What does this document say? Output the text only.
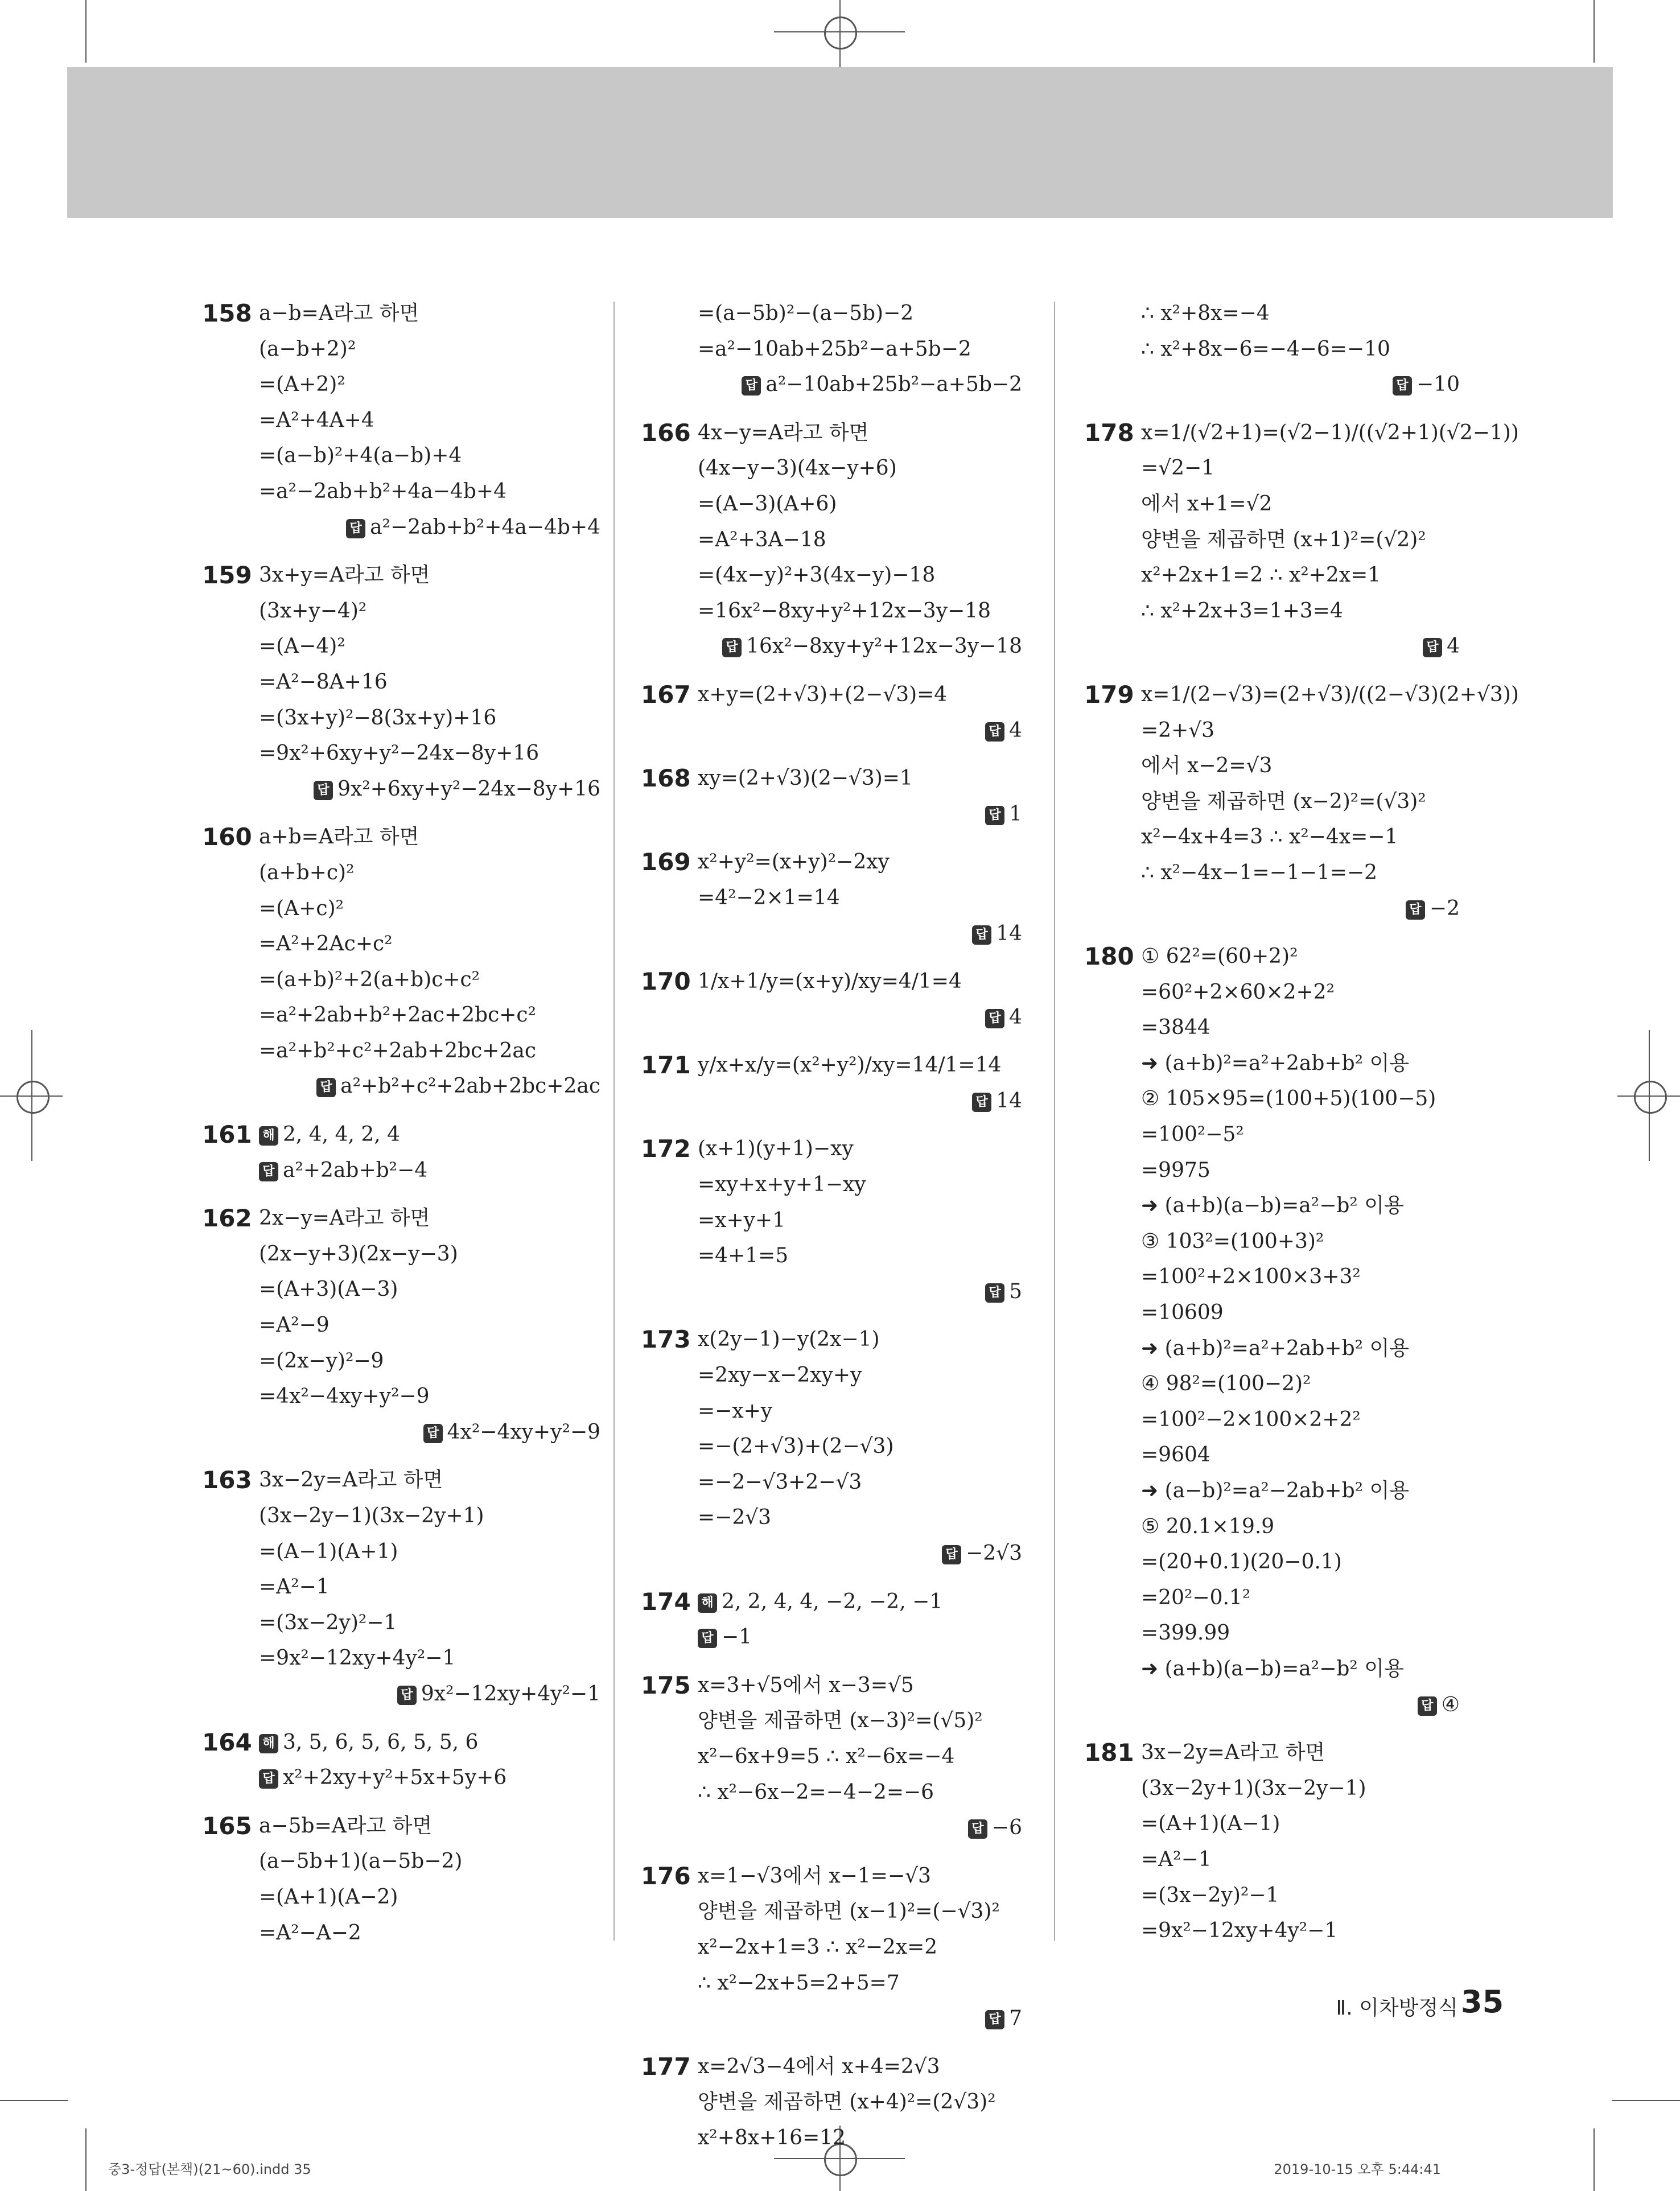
158 a−b=A라고 하면
(a−b+2)²
=(A+2)²
=A²+4A+4
=(a−b)²+4(a−b)+4
=a²−2ab+b²+4a−4b+4
답 a²−2ab+b²+4a−4b+4
159 3x+y=A라고 하면
(3x+y−4)²
=(A−4)²
=A²−8A+16
=(3x+y)²−8(3x+y)+16
=9x²+6xy+y²−24x−8y+16
답 9x²+6xy+y²−24x−8y+16
160 a+b=A라고 하면
(a+b+c)²
=(A+c)²
=A²+2Ac+c²
=(a+b)²+2(a+b)c+c²
=a²+2ab+b²+2ac+2bc+c²
=a²+b²+c²+2ab+2bc+2ac
답 a²+b²+c²+2ab+2bc+2ac
161 해 2, 4, 4, 2, 4
답 a²+2ab+b²−4
162 2x−y=A라고 하면
(2x−y+3)(2x−y−3)
=(A+3)(A−3)
=A²−9
=(2x−y)²−9
=4x²−4xy+y²−9
답 4x²−4xy+y²−9
163 3x−2y=A라고 하면
(3x−2y−1)(3x−2y+1)
=(A−1)(A+1)
=A²−1
=(3x−2y)²−1
=9x²−12xy+4y²−1
답 9x²−12xy+4y²−1
164 해 3, 5, 6, 5, 6, 5, 5, 6
답 x²+2xy+y²+5x+5y+6
165 a−5b=A라고 하면
(a−5b+1)(a−5b−2)
=(A+1)(A−2)
=A²−A−2
=(a−5b)²−(a−5b)−2
=a²−10ab+25b²−a+5b−2
답 a²−10ab+25b²−a+5b−2
166 4x−y=A라고 하면
(4x−y−3)(4x−y+6)
=(A−3)(A+6)
=A²+3A−18
=(4x−y)²+3(4x−y)−18
=16x²−8xy+y²+12x−3y−18
답 16x²−8xy+y²+12x−3y−18
167 x+y=(2+√3)+(2−√3)=4
답 4
168 xy=(2+√3)(2−√3)=1
답 1
169 x²+y²=(x+y)²−2xy
=4²−2×1=14
답 14
170 1/x+1/y=(x+y)/xy=4/1=4
답 4
171 y/x+x/y=(x²+y²)/xy=14/1=14
답 14
172 (x+1)(y+1)−xy
=xy+x+y+1−xy
=x+y+1
=4+1=5
답 5
173 x(2y−1)−y(2x−1)
=2xy−x−2xy+y
=−x+y
=−(2+√3)+(2−√3)
=−2−√3+2−√3
=−2√3
답 −2√3
174 해 2, 2, 4, 4, −2, −2, −1
답 −1
175 x=3+√5에서 x−3=√5
양변을 제곱하면 (x−3)²=(√5)²
x²−6x+9=5 ∴ x²−6x=−4
∴ x²−6x−2=−4−2=−6
답 −6
176 x=1−√3에서 x−1=−√3
양변을 제곱하면 (x−1)²=(−√3)²
x²−2x+1=3 ∴ x²−2x=2
∴ x²−2x+5=2+5=7
답 7
177 x=2√3−4에서 x+4=2√3
양변을 제곱하면 (x+4)²=(2√3)²
x²+8x+16=12
∴ x²+8x=−4
∴ x²+8x−6=−4−6=−10
답 −10
178 x=1/(√2+1)=(√2−1)/((√2+1)(√2−1))
=√2−1
에서 x+1=√2
양변을 제곱하면 (x+1)²=(√2)²
x²+2x+1=2 ∴ x²+2x=1
∴ x²+2x+3=1+3=4
답 4
179 x=1/(2−√3)=(2+√3)/((2−√3)(2+√3))
=2+√3
에서 x−2=√3
양변을 제곱하면 (x−2)²=(√3)²
x²−4x+4=3 ∴ x²−4x=−1
∴ x²−4x−1=−1−1=−2
답 −2
180 ① 62²=(60+2)²
=60²+2×60×2+2²
=3844
➜ (a+b)²=a²+2ab+b² 이용
② 105×95=(100+5)(100−5)
=100²−5²
=9975
➜ (a+b)(a−b)=a²−b² 이용
③ 103²=(100+3)²
=100²+2×100×3+3²
=10609
➜ (a+b)²=a²+2ab+b² 이용
④ 98²=(100−2)²
=100²−2×100×2+2²
=9604
➜ (a−b)²=a²−2ab+b² 이용
⑤ 20.1×19.9
=(20+0.1)(20−0.1)
=20²−0.1²
=399.99
➜ (a+b)(a−b)=a²−b² 이용
답 ④
181 3x−2y=A라고 하면
(3x−2y+1)(3x−2y−1)
=(A+1)(A−1)
=A²−1
=(3x−2y)²−1
=9x²−12xy+4y²−1
Ⅱ. 이차방정식 35
중3-정답(본책)(21~60).indd 35	2019-10-15 오후 5:44:41
